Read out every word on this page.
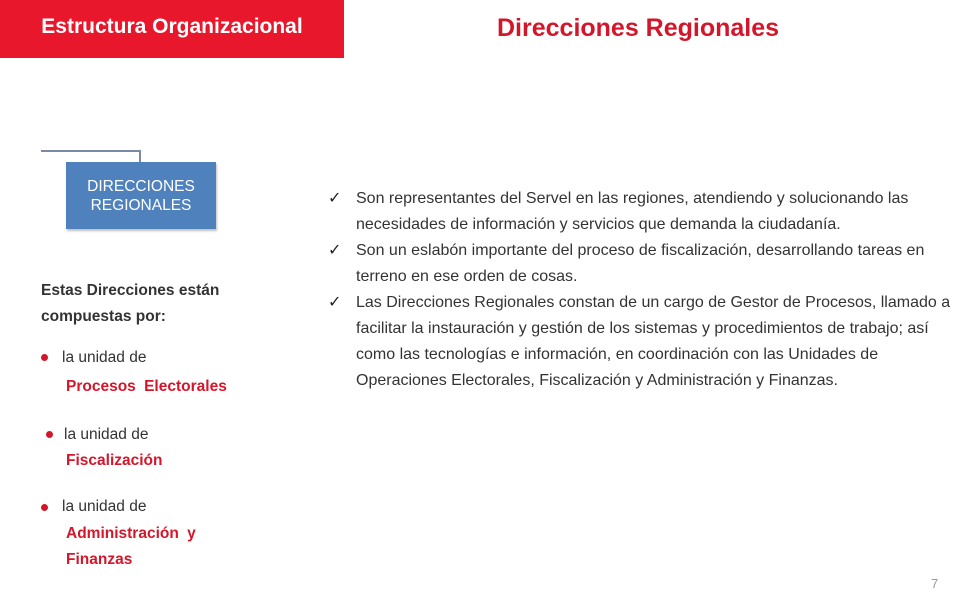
Estructura Organizacional	Direcciones Regionales
DIRECCIONES REGIONALES
Estas Direcciones están compuestas por:
la unidad de
Procesos Electorales
la unidad de
Fiscalización
la unidad de
Administración y Finanzas
✓ Son representantes del Servel en las regiones, atendiendo y solucionando las necesidades de información y servicios que demanda la ciudadanía.
✓ Son un eslabón importante del proceso de fiscalización, desarrollando tareas en terreno en ese orden de cosas.
✓ Las Direcciones Regionales constan de un cargo de Gestor de Procesos, llamado a facilitar la instauración y gestión de los sistemas y procedimientos de trabajo; así como las tecnologías e información, en coordinación con las Unidades de Operaciones Electorales, Fiscalización y Administración y Finanzas.
7
